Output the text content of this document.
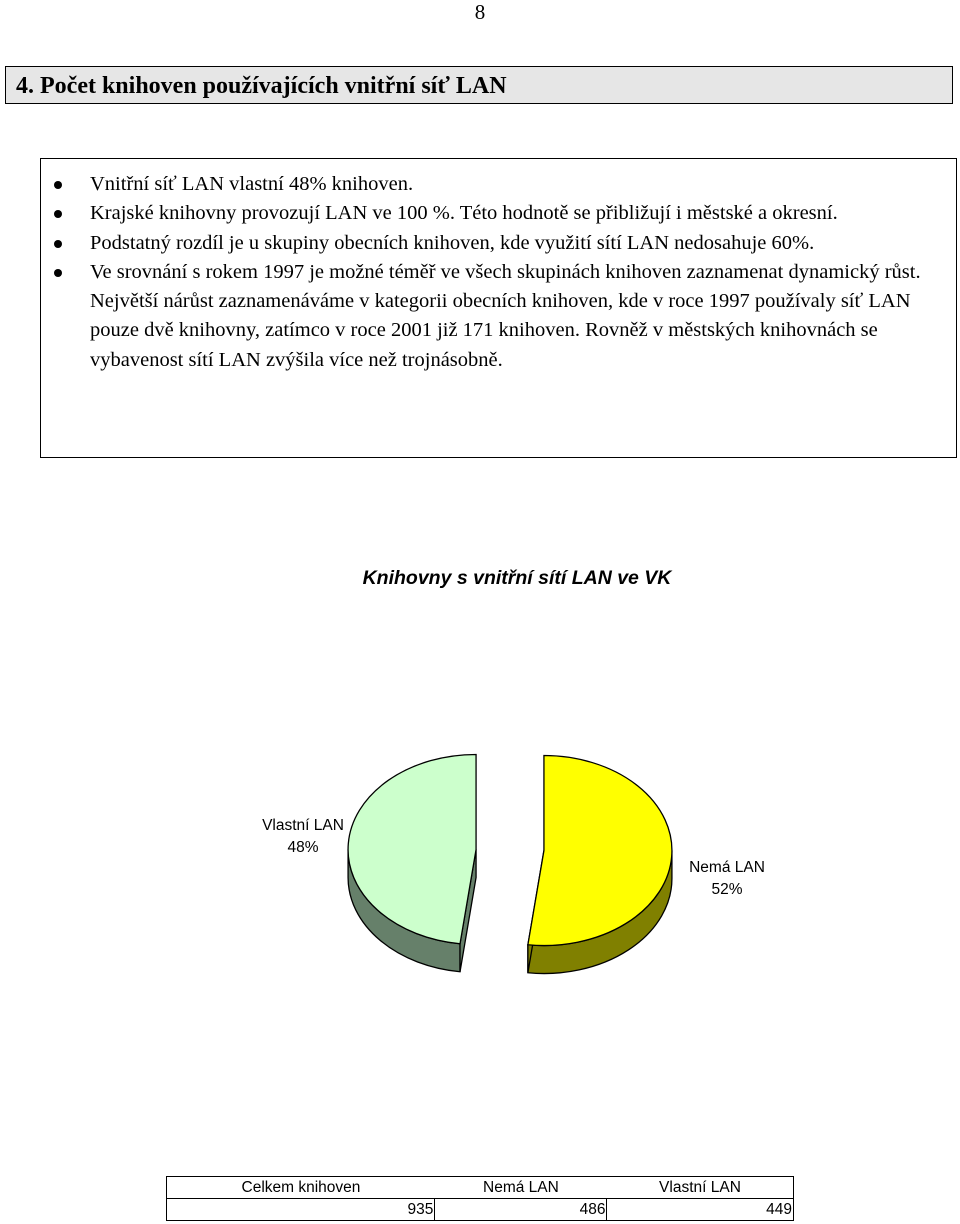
8
4. Počet knihoven používajících vnitřní síť LAN
Vnitřní síť LAN vlastní 48% knihoven.
Krajské knihovny provozují LAN ve 100 %. Této hodnotě se přibližují i městské a okresní.
Podstatný rozdíl je u skupiny obecních knihoven, kde využití sítí LAN nedosahuje 60%.
Ve srovnání s rokem 1997 je možné téměř ve všech skupinách knihoven zaznamenat dynamický růst. Největší nárůst zaznamenáváme v kategorii obecních knihoven, kde v roce 1997 používaly síť LAN pouze dvě knihovny, zatímco v roce 2001 již 171 knihoven. Rovněž v městských knihovnách se vybavenost sítí LAN zvýšila více než trojnásobně.
Knihovny s vnitřní sítí LAN ve VK
Vlastní LAN
48%
Nemá LAN
52%
Celkem knihoven	Nemá LAN	Vlastní LAN
935	486	449
